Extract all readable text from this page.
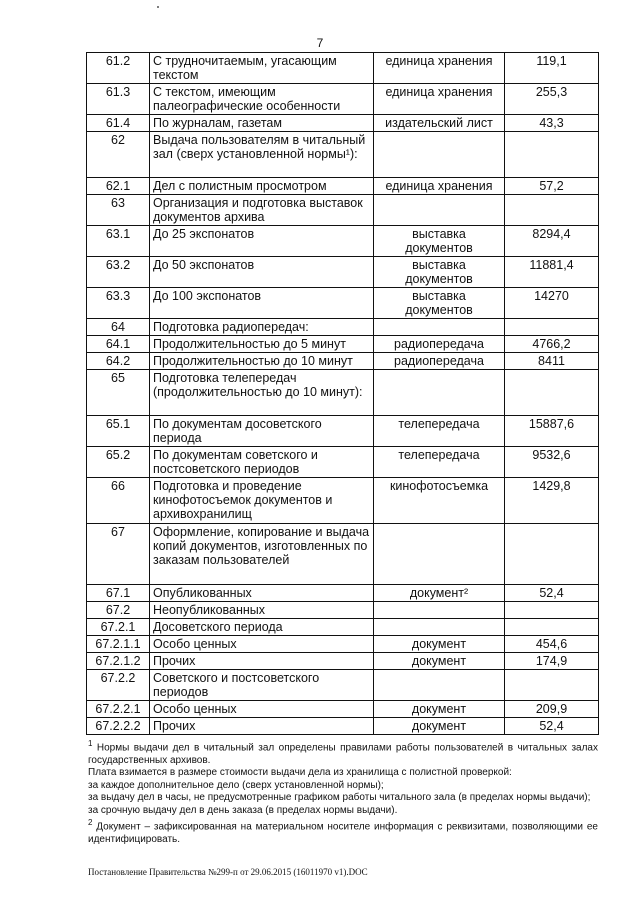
7
61.2	С трудночитаемым, угасающим текстом	единица хранения	119,1
61.3	С текстом, имеющим палеографические особенности	единица хранения	255,3
61.4	По журналам, газетам	издательский лист	43,3
62	Выдача пользователям в читальный зал (сверх установленной нормы¹):		
62.1	Дел с полистным просмотром	единица хранения	57,2
63	Организация и подготовка выставок документов архива		
63.1	До 25 экспонатов	выставка документов	8294,4
63.2	До 50 экспонатов	выставка документов	11881,4
63.3	До 100 экспонатов	выставка документов	14270
64	Подготовка радиопередач:		
64.1	Продолжительностью до 5 минут	радиопередача	4766,2
64.2	Продолжительностью до 10 минут	радиопередача	8411
65	Подготовка телепередач (продолжительностью до 10 минут):		
65.1	По документам досоветского периода	телепередача	15887,6
65.2	По документам советского и постсоветского периодов	телепередача	9532,6
66	Подготовка и проведение кинофотосъемок документов и архивохранилищ	кинофотосъемка	1429,8
67	Оформление, копирование и выдача копий документов, изготовленных по заказам пользователей		
67.1	Опубликованных	документ²	52,4
67.2	Неопубликованных		
67.2.1	Досоветского периода		
67.2.1.1	Особо ценных	документ	454,6
67.2.1.2	Прочих	документ	174,9
67.2.2	Советского и постсоветского периодов		
67.2.2.1	Особо ценных	документ	209,9
67.2.2.2	Прочих	документ	52,4

$^1$ Нормы выдачи дел в читальный зал определены правилами работы пользователей в читальных залах государственных архивов.

Плата взимается в размере стоимости выдачи дела из хранилища с полистной проверкой:

за каждое дополнительное дело (сверх установленной нормы);

за выдачу дел в часы, не предусмотренные графиком работы читального зала (в пределах нормы выдачи);

за срочную выдачу дел в день заказа (в пределах нормы выдачи).

$^2$ Документ – зафиксированная на материальном носителе информация с реквизитами, позволяющими ее идентифицировать.

Постановление Правительства №299-п от 29.06.2015 (16011970 v1).DOC
